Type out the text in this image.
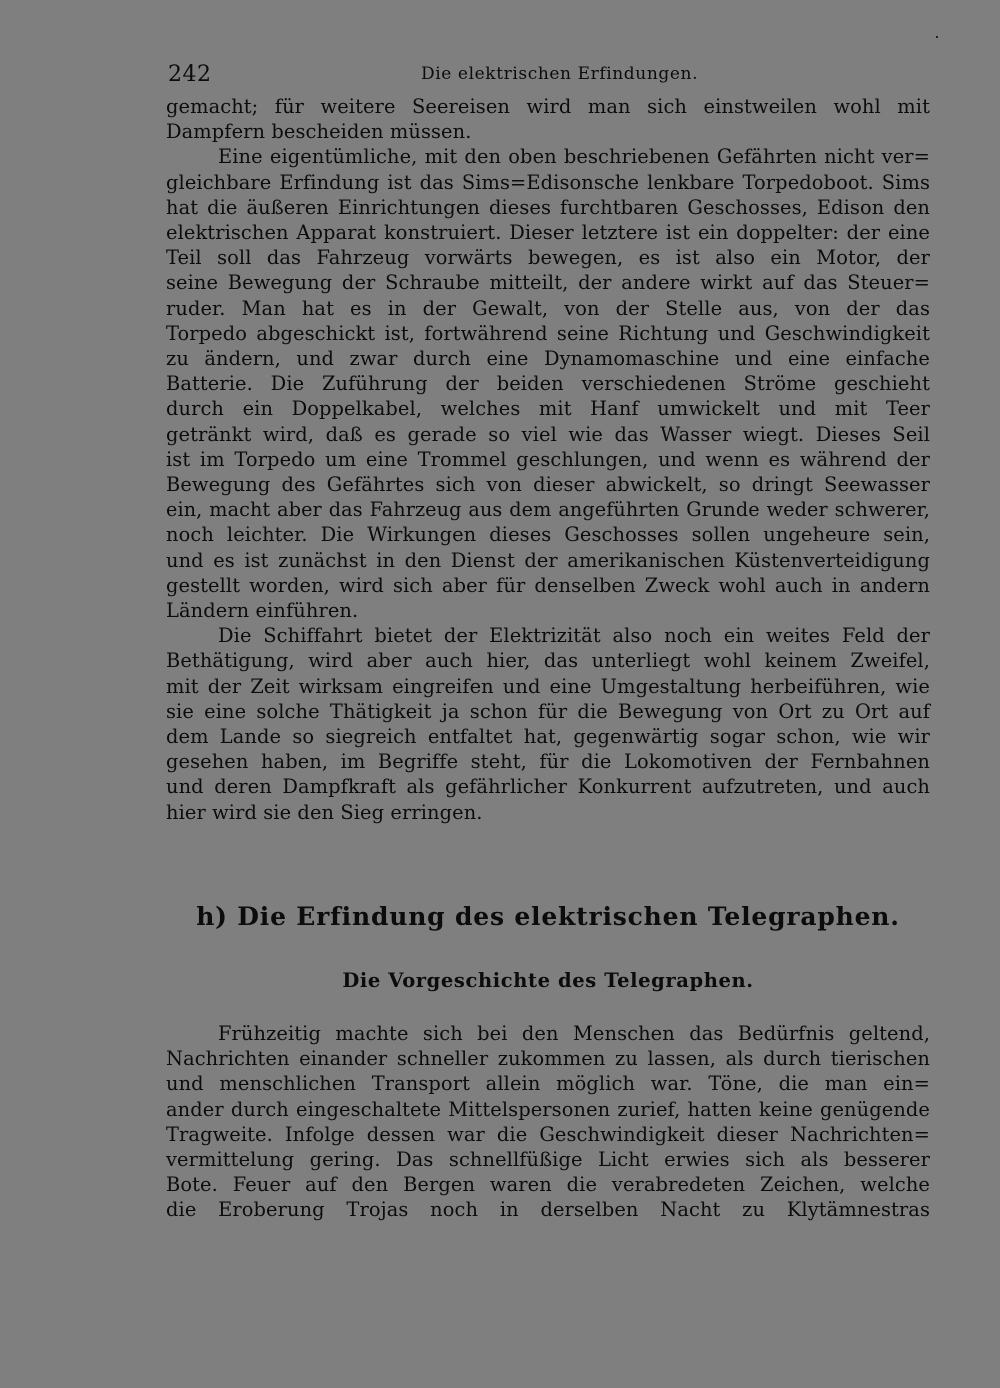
242	Die elektrischen Erfindungen.

gemacht; für weitere Seereisen wird man sich einstweilen wohl mit
Dampfern bescheiden müssen.

Eine eigentümliche, mit den oben beschriebenen Gefährten nicht ver=
gleichbare Erfindung ist das Sims=Edisonsche lenkbare Torpedoboot. Sims
hat die äußeren Einrichtungen dieses furchtbaren Geschosses, Edison den
elektrischen Apparat konstruiert. Dieser letztere ist ein doppelter: der eine
Teil soll das Fahrzeug vorwärts bewegen, es ist also ein Motor, der
seine Bewegung der Schraube mitteilt, der andere wirkt auf das Steuer=
ruder. Man hat es in der Gewalt, von der Stelle aus, von der das
Torpedo abgeschickt ist, fortwährend seine Richtung und Geschwindigkeit
zu ändern, und zwar durch eine Dynamomaschine und eine einfache
Batterie. Die Zuführung der beiden verschiedenen Ströme geschieht
durch ein Doppelkabel, welches mit Hanf umwickelt und mit Teer
getränkt wird, daß es gerade so viel wie das Wasser wiegt. Dieses Seil
ist im Torpedo um eine Trommel geschlungen, und wenn es während der
Bewegung des Gefährtes sich von dieser abwickelt, so dringt Seewasser
ein, macht aber das Fahrzeug aus dem angeführten Grunde weder schwerer,
noch leichter. Die Wirkungen dieses Geschosses sollen ungeheure sein,
und es ist zunächst in den Dienst der amerikanischen Küstenverteidigung
gestellt worden, wird sich aber für denselben Zweck wohl auch in andern
Ländern einführen.

Die Schiffahrt bietet der Elektrizität also noch ein weites Feld der
Bethätigung, wird aber auch hier, das unterliegt wohl keinem Zweifel,
mit der Zeit wirksam eingreifen und eine Umgestaltung herbeiführen, wie
sie eine solche Thätigkeit ja schon für die Bewegung von Ort zu Ort auf
dem Lande so siegreich entfaltet hat, gegenwärtig sogar schon, wie wir
gesehen haben, im Begriffe steht, für die Lokomotiven der Fernbahnen
und deren Dampfkraft als gefährlicher Konkurrent aufzutreten, und auch
hier wird sie den Sieg erringen.

h) Die Erfindung des elektrischen Telegraphen.
Die Vorgeschichte des Telegraphen.

Frühzeitig machte sich bei den Menschen das Bedürfnis geltend,
Nachrichten einander schneller zukommen zu lassen, als durch tierischen
und menschlichen Transport allein möglich war. Töne, die man ein=
ander durch eingeschaltete Mittelspersonen zurief, hatten keine genügende
Tragweite. Infolge dessen war die Geschwindigkeit dieser Nachrichten=
vermittelung gering. Das schnellfüßige Licht erwies sich als besserer
Bote. Feuer auf den Bergen waren die verabredeten Zeichen, welche
die Eroberung Trojas noch in derselben Nacht zu Klytämnestras
